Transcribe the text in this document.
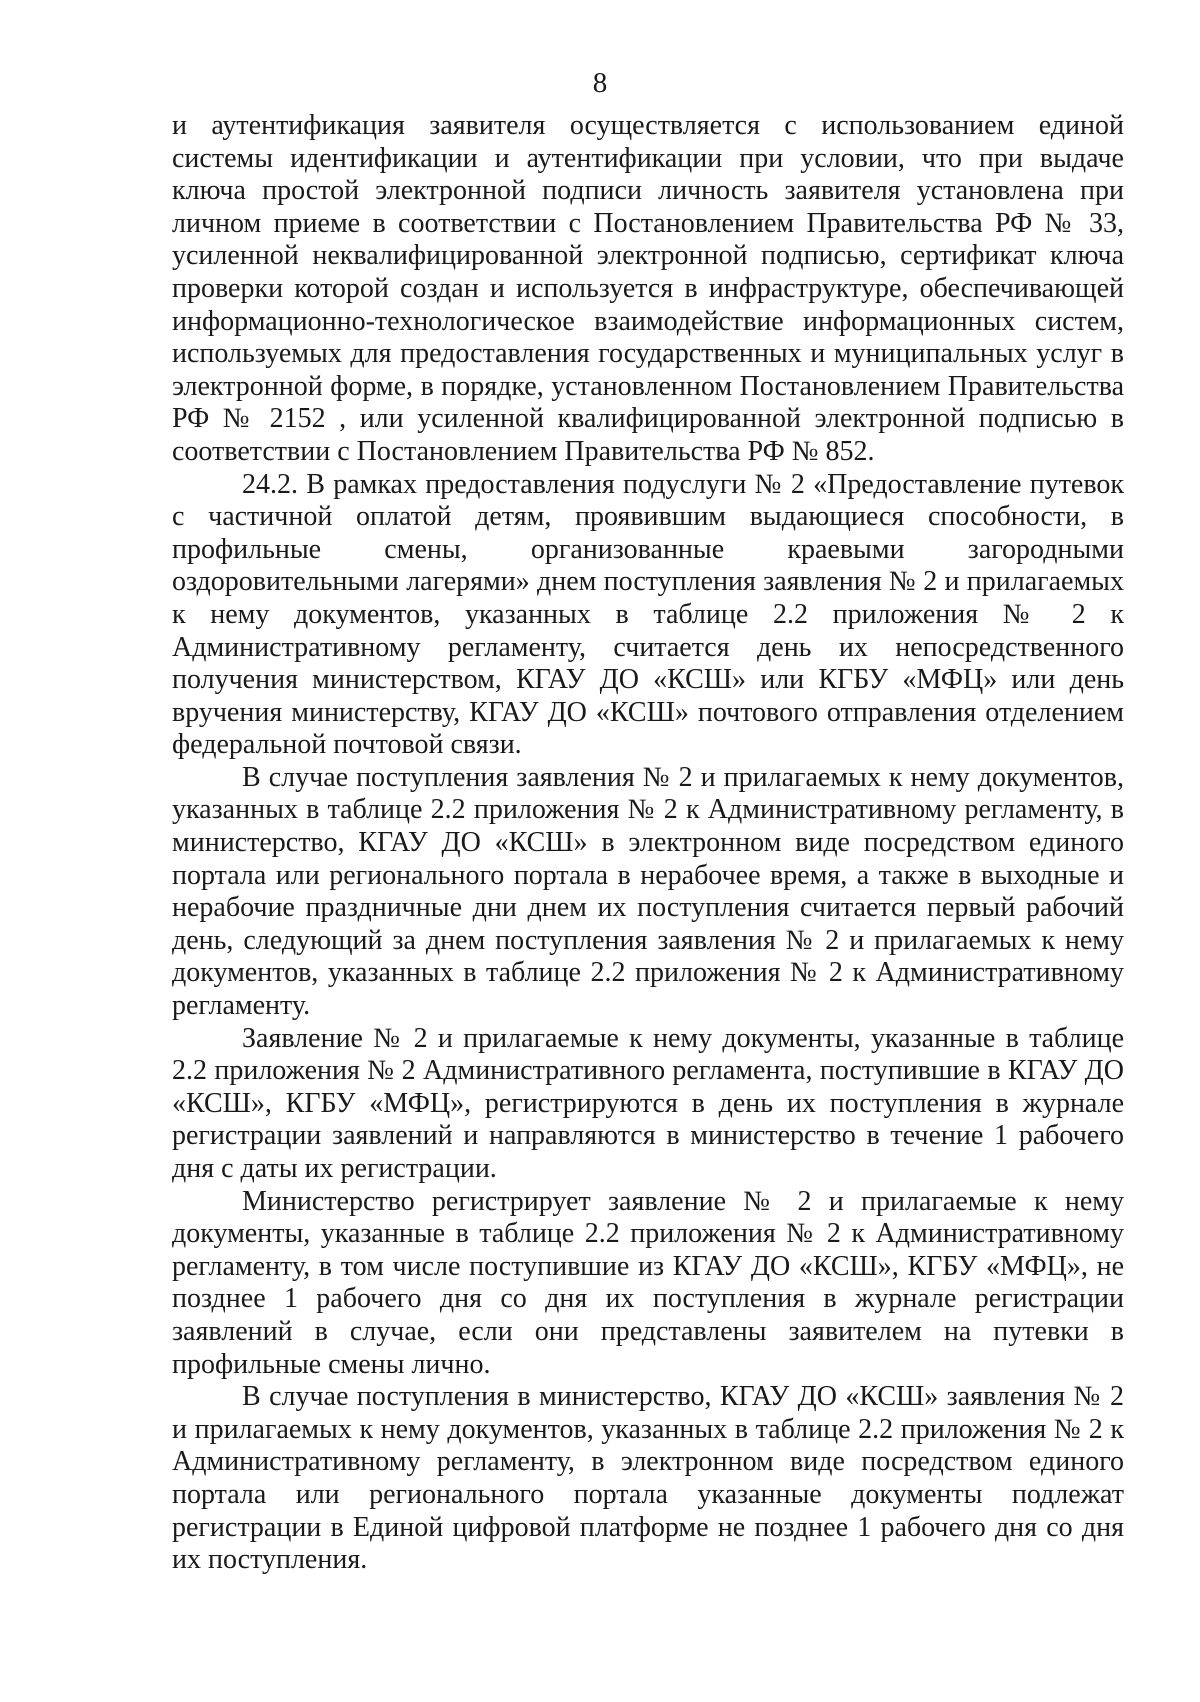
8

и аутентификация заявителя осуществляется с использованием единой системы идентификации и аутентификации при условии, что при выдаче ключа простой электронной подписи личность заявителя установлена при личном приеме в соответствии с Постановлением Правительства РФ № 33, усиленной неквалифицированной электронной подписью, сертификат ключа проверки которой создан и используется в инфраструктуре, обеспечивающей информационно-технологическое взаимодействие информационных систем, используемых для предоставления государственных и муниципальных услуг в электронной форме, в порядке, установленном Постановлением Правительства РФ № 2152 , или усиленной квалифицированной электронной подписью в соответствии с Постановлением Правительства РФ № 852.

24.2. В рамках предоставления подуслуги № 2 «Предоставление путевок с частичной оплатой детям, проявившим выдающиеся способности, в профильные смены, организованные краевыми загородными оздоровительными лагерями» днем поступления заявления № 2 и прилагаемых к нему документов, указанных в таблице 2.2 приложения № 2 к Административному регламенту, считается день их непосредственного получения министерством, КГАУ ДО «КСШ» или КГБУ «МФЦ» или день вручения министерству, КГАУ ДО «КСШ» почтового отправления отделением федеральной почтовой связи.

В случае поступления заявления № 2 и прилагаемых к нему документов, указанных в таблице 2.2 приложения № 2 к Административному регламенту, в министерство, КГАУ ДО «КСШ» в электронном виде посредством единого портала или регионального портала в нерабочее время, а также в выходные и нерабочие праздничные дни днем их поступления считается первый рабочий день, следующий за днем поступления заявления № 2 и прилагаемых к нему документов, указанных в таблице 2.2 приложения № 2 к Административному регламенту.

Заявление № 2 и прилагаемые к нему документы, указанные в таблице 2.2 приложения № 2 Административного регламента, поступившие в КГАУ ДО «КСШ», КГБУ «МФЦ», регистрируются в день их поступления в журнале регистрации заявлений и направляются в министерство в течение 1 рабочего дня с даты их регистрации.

Министерство регистрирует заявление № 2 и прилагаемые к нему документы, указанные в таблице 2.2 приложения № 2 к Административному регламенту, в том числе поступившие из КГАУ ДО «КСШ», КГБУ «МФЦ», не позднее 1 рабочего дня со дня их поступления в журнале регистрации заявлений в случае, если они представлены заявителем на путевки в профильные смены лично.

В случае поступления в министерство, КГАУ ДО «КСШ» заявления № 2 и прилагаемых к нему документов, указанных в таблице 2.2 приложения № 2 к Административному регламенту, в электронном виде посредством единого портала или регионального портала указанные документы подлежат регистрации в Единой цифровой платформе не позднее 1 рабочего дня со дня их поступления.
